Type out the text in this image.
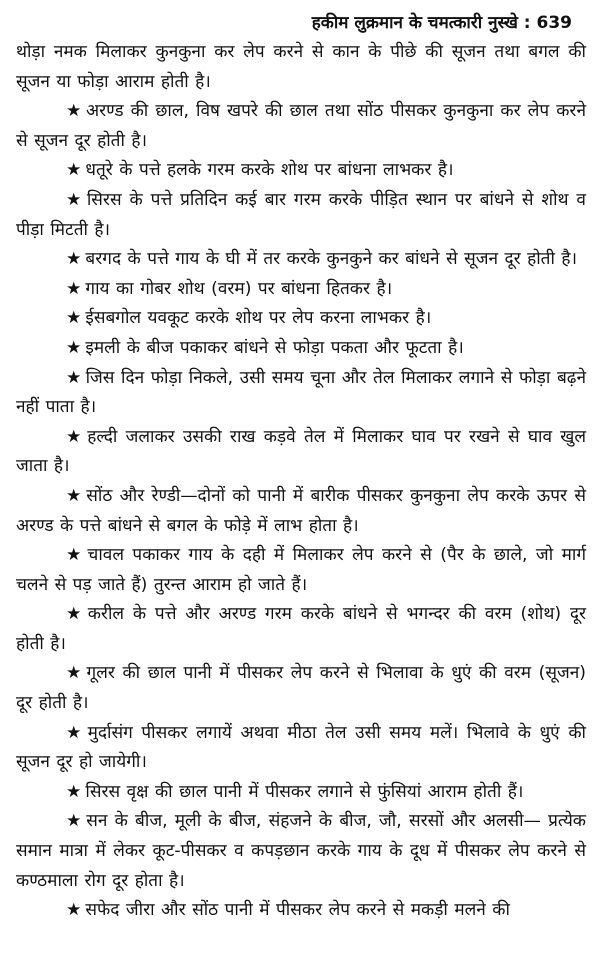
हकीम लुक्रमान के चमत्कारी नुस्खे : 639

थोड़ा नमक मिलाकर कुनकुना कर लेप करने से कान के पीछे की सूजन तथा बगल की सूजन या फोड़ा आराम होती है।

★ अरण्ड की छाल, विष खपरे की छाल तथा सोंठ पीसकर कुनकुना कर लेप करने से सूजन दूर होती है।

★ धतूरे के पत्ते हलके गरम करके शोथ पर बांधना लाभकर है।

★ सिरस के पत्ते प्रतिदिन कई बार गरम करके पीड़ित स्थान पर बांधने से शोथ व पीड़ा मिटती है।

★ बरगद के पत्ते गाय के घी में तर करके कुनकुने कर बांधने से सूजन दूर होती है।

★ गाय का गोबर शोथ (वरम) पर बांधना हितकर है।

★ ईसबगोल यवकूट करके शोथ पर लेप करना लाभकर है।

★ इमली के बीज पकाकर बांधने से फोड़ा पकता और फूटता है।

★ जिस दिन फोड़ा निकले, उसी समय चूना और तेल मिलाकर लगाने से फोड़ा बढ़ने नहीं पाता है।

★ हल्दी जलाकर उसकी राख कड़वे तेल में मिलाकर घाव पर रखने से घाव खुल जाता है।

★ सोंठ और रेण्डी—दोनों को पानी में बारीक पीसकर कुनकुना लेप करके ऊपर से अरण्ड के पत्ते बांधने से बगल के फोड़े में लाभ होता है।

★ चावल पकाकर गाय के दही में मिलाकर लेप करने से (पैर के छाले, जो मार्ग चलने से पड़ जाते हैं) तुरन्त आराम हो जाते हैं।

★ करील के पत्ते और अरण्ड गरम करके बांधने से भगन्दर की वरम (शोथ) दूर होती है।

★ गूलर की छाल पानी में पीसकर लेप करने से भिलावा के धुएं की वरम (सूजन) दूर होती है।

★ मुर्दासंग पीसकर लगायें अथवा मीठा तेल उसी समय मलें। भिलावे के धुएं की सूजन दूर हो जायेगी।

★ सिरस वृक्ष की छाल पानी में पीसकर लगाने से फुंसियां आराम होती हैं।

★ सन के बीज, मूली के बीज, संहजने के बीज, जौ, सरसों और अलसी— प्रत्येक समान मात्रा में लेकर कूट-पीसकर व कपड़छान करके गाय के दूध में पीसकर लेप करने से कण्ठमाला रोग दूर होता है।

★ सफेद जीरा और सोंठ पानी में पीसकर लेप करने से मकड़ी मलने की
